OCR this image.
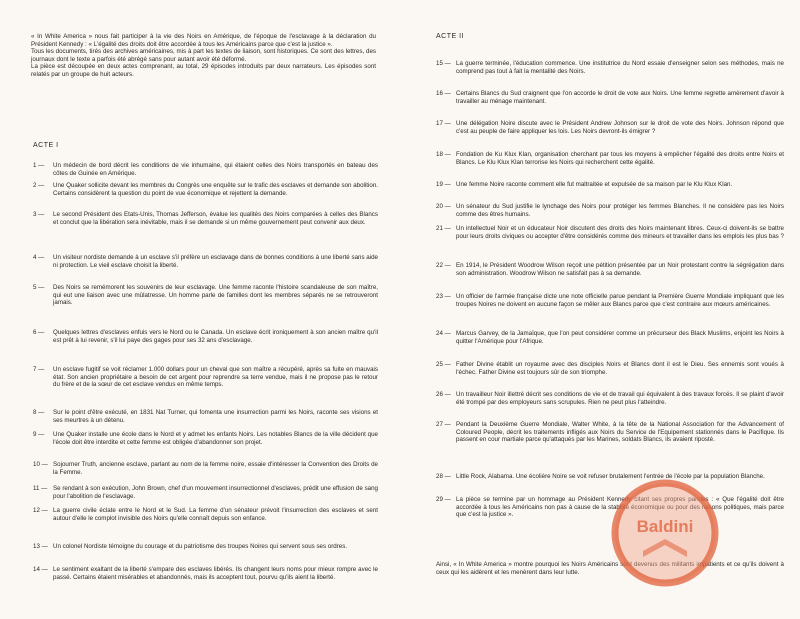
« In White America » nous fait participer à la vie des Noirs en Amérique, de l'époque de l'esclavage à la déclaration du Président Kennedy : « L'égalité des droits doit être accordée à tous les Américains parce que c'est la justice ».

Tous les documents, tirés des archives américaines, mis à part les textes de liaison, sont historiques. Ce sont des lettres, des journaux dont le texte a parfois été abrégé sans pour autant avoir été déformé.

La pièce est découpée en deux actes comprenant, au total, 29 épisodes introduits par deux narrateurs. Les épisodes sont relatés par un groupe de huit acteurs.

ACTE I
1 —	Un médecin de bord décrit les conditions de vie inhumaine, qui étaient celles des Noirs transportés en bateau des côtes de Guinée en Amérique.
2 —	Une Quaker sollicite devant les membres du Congrès une enquête sur le trafic des esclaves et demande son abolition. Certains considèrent la question du point de vue économique et rejettent la demande.
3 —	Le second Président des Etats-Unis, Thomas Jefferson, évalue les qualités des Noirs comparées à celles des Blancs et conclut que la libération sera inévitable, mais il se demande si un même gouvernement peut convenir aux deux.
4 —	Un visiteur nordiste demande à un esclave s'il préfère un esclavage dans de bonnes conditions à une liberté sans aide ni protection. Le vieil esclave choisit la liberté.
5 —	Des Noirs se remémorent les souvenirs de leur esclavage. Une femme raconte l'histoire scandaleuse de son maître, qui eut une liaison avec une mûlatresse. Un homme parle de familles dont les membres séparés ne se retrouveront jamais.
6 —	Quelques lettres d'esclaves enfuis vers le Nord ou le Canada. Un esclave écrit ironiquement à son ancien maître qu'il est prêt à lui revenir, s'il lui paye des gages pour ses 32 ans d'esclavage.
7 —	Un esclave fugitif se voit réclamer 1.000 dollars pour un cheval que son maître a récupéré, après sa fuite en mauvais état. Son ancien propriétaire a besoin de cet argent pour reprendre sa terre vendue, mais il ne propose pas le retour du frère et de la sœur de cet esclave vendus en même temps.
8 —	Sur le point d'être exécuté, en 1831 Nat Turner, qui fomenta une insurrection parmi les Noirs, raconte ses visions et ses meurtres à un détenu.
9 —	Une Quaker installe une école dans le Nord et y admet les enfants Noirs. Les notables Blancs de la ville décident que l'école doit être interdite et cette femme est obligée d'abandonner son projet.
10 — Sojourner Truth, ancienne esclave, parlant au nom de la femme noire, essaie d'intéresser la Convention des Droits de la Femme.
11 — Se rendant à son exécution, John Brown, chef d'un mouvement insurrectionnel d'esclaves, prédit une effusion de sang pour l'abolition de l'esclavage.
12 — La guerre civile éclate entre le Nord et le Sud. La femme d'un sénateur prévoit l'insurrection des esclaves et sent autour d'elle le complot invisible des Noirs qu'elle connaît depuis son enfance.
13 — Un colonel Nordiste témoigne du courage et du patriotisme des troupes Noires qui servent sous ses ordres.
14 — Le sentiment exaltant de la liberté s'empare des esclaves libérés. Ils changent leurs noms pour mieux rompre avec le passé. Certains étaient misérables et abandonnés, mais ils acceptent tout, pourvu qu'ils aient la liberté.
ACTE II
15 — La guerre terminée, l'éducation commence. Une institutrice du Nord essaie d'enseigner selon ses méthodes, mais ne comprend pas tout à fait la mentalité des Noirs.
16 — Certains Blancs du Sud craignent que l'on accorde le droit de vote aux Noirs. Une femme regrette amèrement d'avoir à travailler au ménage maintenant.
17 — Une délégation Noire discute avec le Président Andrew Johnson sur le droit de vote des Noirs. Johnson répond que c'est au peuple de faire appliquer les lois. Les Noirs devront-ils émigrer ?
18 — Fondation de Ku Klux Klan, organisation cherchant par tous les moyens à empêcher l'égalité des droits entre Noirs et Blancs. Le Klu Klux Klan terrorise les Noirs qui recherchent cette égalité.
19 — Une femme Noire raconte comment elle fut maltraitée et expulsée de sa maison par le Klu Klux Klan.
20 — Un sénateur du Sud justifie le lynchage des Noirs pour protéger les femmes Blanches. Il ne considère pas les Noirs comme des êtres humains.
21 — Un intellectuel Noir et un éducateur Noir discutent des droits des Noirs maintenant libres. Ceux-ci doivent-ils se battre pour leurs droits civiques ou accepter d'être considérés comme des mineurs et travailler dans les emplois les plus bas ?
22 — En 1914, le Président Woodrow Wilson reçoit une pétition présentée par un Noir protestant contre la ségrégation dans son administration. Woodrow Wilson ne satisfait pas à sa demande.
23 — Un officier de l'armée française dicte une note officielle parue pendant la Première Guerre Mondiale impliquant que les troupes Noires ne doivent en aucune façon se mêler aux Blancs parce que c'est contraire aux mœurs américaines.
24 — Marcus Garvey, de la Jamaïque, que l'on peut considérer comme un précurseur des Black Muslims, enjoint les Noirs à quitter l'Amérique pour l'Afrique.
25 — Father Divine établit un royaume avec des disciples Noirs et Blancs dont il est le Dieu. Ses ennemis sont voués à l'échec. Father Divine est toujours sûr de son triomphe.
26 — Un travailleur Noir illettré décrit ses conditions de vie et de travail qui équivalent à des travaux forcés. Il se plaint d'avoir été trompé par des employeurs sans scrupules. Rien ne peut plus l'atteindre.
27 — Pendant la Deuxième Guerre Mondiale, Walter White, à la tête de la National Association for the Advancement of Coloured People, décrit les traitements infligés aux Noirs du Service de l'Equipement stationnés dans le Pacifique. Ils passent en cour martiale parce qu'attaqués par les Marines, soldats Blancs, ils avaient riposté.
28 — Little Rock, Alabama. Une écolière Noire se voit refuser brutalement l'entrée de l'école par la population Blanche.
29 — La pièce se termine par un hommage au Président Kennedy citant ses propres paroles : « Que l'égalité doit être accordée à tous les Américains non pas à cause de la stabilité économique ou pour des raisons politiques, mais parce que c'est la justice ».

Ainsi, « In White America » montre pourquoi les Noirs Américains sont devenus des militants impatients et ce qu'ils doivent à ceux qui les aidèrent et les menèrent dans leur lutte.

Baldini
